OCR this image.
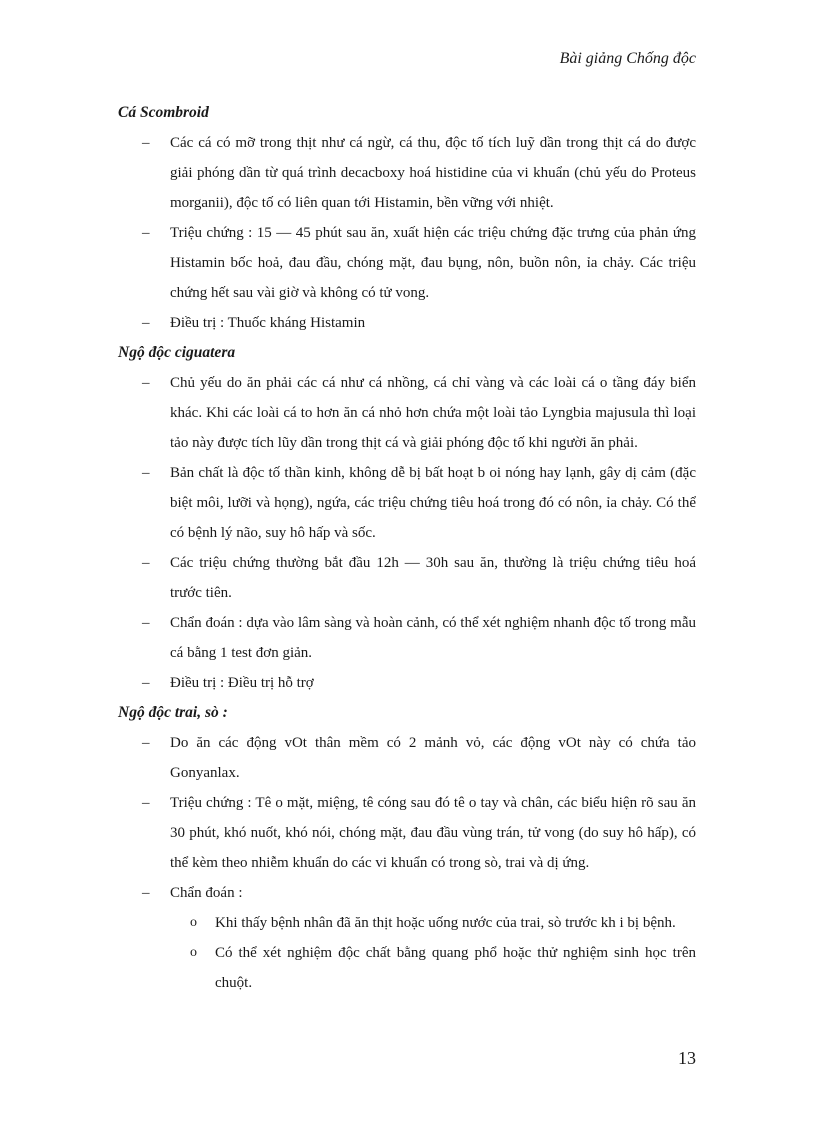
Bài giảng Chống độc

Cá Scombroid

– Các cá có mỡ trong thịt như cá ngừ, cá thu, độc tố tích luỹ dần trong thịt cá do được giải phóng dần từ quá trình decacboxy hoá histidine của vi khuẩn (chủ yếu do Proteus morganii), độc tố có liên quan tới Histamin, bền vững với nhiệt.

– Triệu chứng : 15 — 45 phút sau ăn, xuất hiện các triệu chứng đặc trưng của phản ứng Histamin bốc hoả, đau đầu, chóng mặt, đau bụng, nôn, buồn nôn, ỉa chảy. Các triệu chứng hết sau vài giờ và không có tử vong.

– Điều trị : Thuốc kháng Histamin

Ngộ độc ciguatera

– Chủ yếu do ăn phải các cá như cá nhồng, cá chỉ vàng và các loài cá o tầng đáy biển khác. Khi các loài cá to hơn ăn cá nhỏ hơn chứa một loài tảo Lyngbia majusula thì loại tảo này được tích lũy dần trong thịt cá và giải phóng độc tố khi người ăn phải.

– Bản chất là độc tố thần kinh, không dễ bị bất hoạt b oi nóng hay lạnh, gây dị cảm (đặc biệt môi, lưỡi và họng), ngứa, các triệu chứng tiêu hoá trong đó có nôn, ỉa chảy. Có thể có bệnh lý não, suy hô hấp và sốc.

– Các triệu chứng thường bắt đầu 12h — 30h sau ăn, thường là triệu chứng tiêu hoá trước tiên.

– Chẩn đoán : dựa vào lâm sàng và hoàn cảnh, có thể xét nghiệm nhanh độc tố trong mẫu cá bằng 1 test đơn giản.

– Điều trị : Điều trị hỗ trợ

Ngộ độc trai, sò :

– Do ăn các động vOt thân mềm có 2 mảnh vỏ, các động vOt này có chứa tảo Gonyanlax.

– Triệu chứng : Tê o mặt, miệng, tê cóng sau đó tê o tay và chân, các biểu hiện rõ sau ăn 30 phút, khó nuốt, khó nói, chóng mặt, đau đầu vùng trán, tử vong (do suy hô hấp), có thể kèm theo nhiễm khuẩn do các vi khuẩn có trong sò, trai và dị ứng.

– Chẩn đoán :

o Khi thấy bệnh nhân đã ăn thịt hoặc uống nước của trai, sò trước kh i bị bệnh.

o Có thể xét nghiệm độc chất bằng quang phổ hoặc thử nghiệm sinh học trên chuột.

13
